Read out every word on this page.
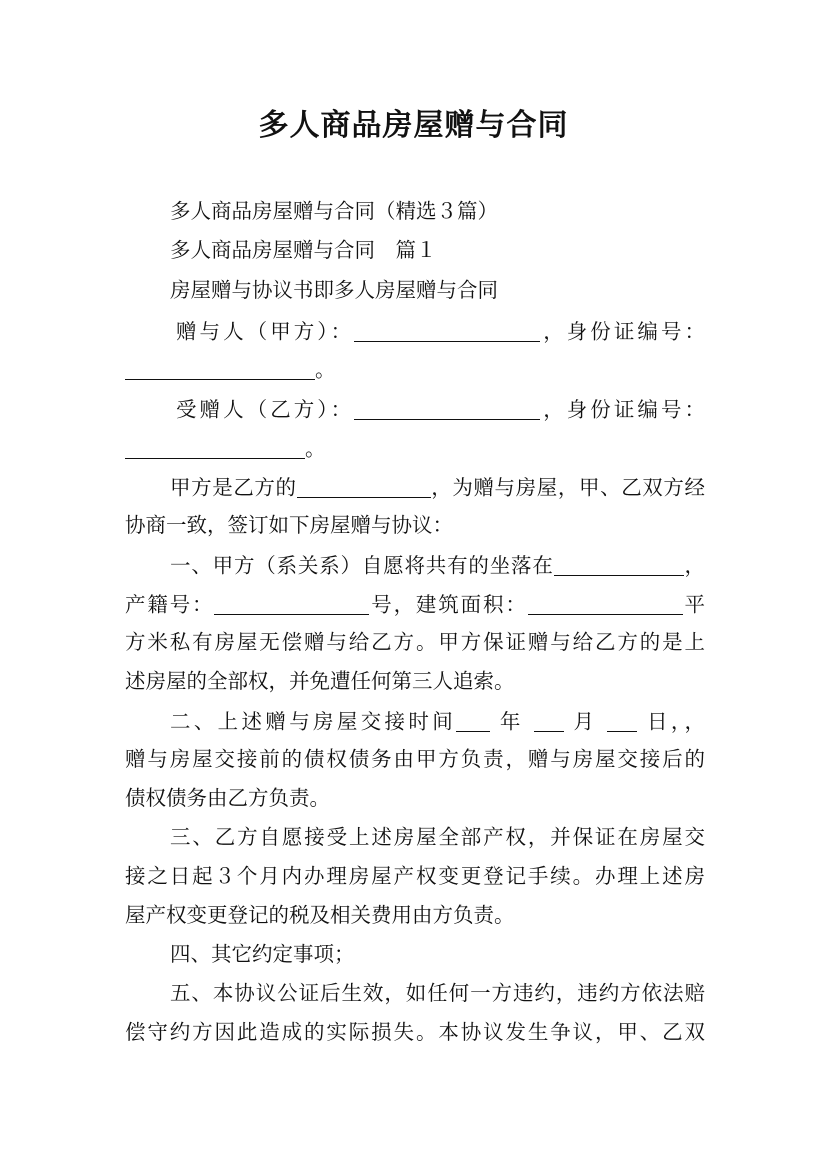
多人商品房屋赠与合同
多人商品房屋赠与合同（精选３篇）
多人商品房屋赠与合同　篇１
房屋赠与协议书即多人房屋赠与合同
赠与人（甲方）：	，身份证编号：
。
受赠人（乙方）：	，身份证编号：
。
甲方是乙方的	，为赠与房屋，甲、乙双方经
协商一致，签订如下房屋赠与协议：
一、甲方（系关系）自愿将共有的坐落在	，
产籍号：	号，建筑面积：	平
方米私有房屋无偿赠与给乙方。甲方保证赠与给乙方的是上
述房屋的全部权，并免遭任何第三人追索。
二、上述赠与房屋交接时间 年 月 日，，
赠与房屋交接前的债权债务由甲方负责，赠与房屋交接后的
债权债务由乙方负责。
三、乙方自愿接受上述房屋全部产权，并保证在房屋交
接之日起３个月内办理房屋产权变更登记手续。办理上述房
屋产权变更登记的税及相关费用由方负责。
四、其它约定事项；
五、本协议公证后生效，如任何一方违约，违约方依法赔
偿守约方因此造成的实际损失。本协议发生争议，甲、乙双
